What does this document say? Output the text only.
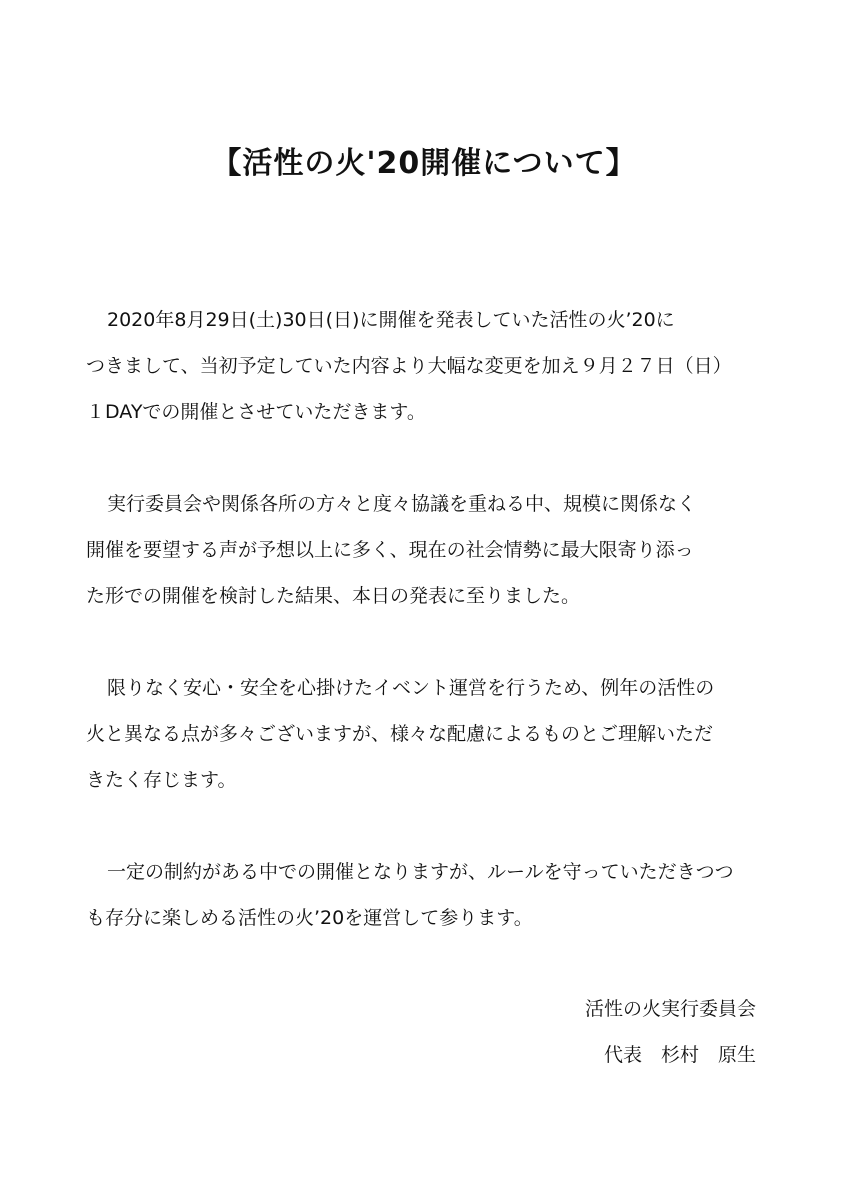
【活性の火'20開催について】

2020年8月29日(土)30日(日)に開催を発表していた活性の火’20に
つきまして、当初予定していた内容より大幅な変更を加え９月２７日（日）
１DAYでの開催とさせていただきます。

実行委員会や関係各所の方々と度々協議を重ねる中、規模に関係なく
開催を要望する声が予想以上に多く、現在の社会情勢に最大限寄り添っ
た形での開催を検討した結果、本日の発表に至りました。

限りなく安心・安全を心掛けたイベント運営を行うため、例年の活性の
火と異なる点が多々ございますが、様々な配慮によるものとご理解いただ
きたく存じます。

一定の制約がある中での開催となりますが、ルールを守っていただきつつ
も存分に楽しめる活性の火’20を運営して参ります。

活性の火実行委員会
代表　杉村　原生
